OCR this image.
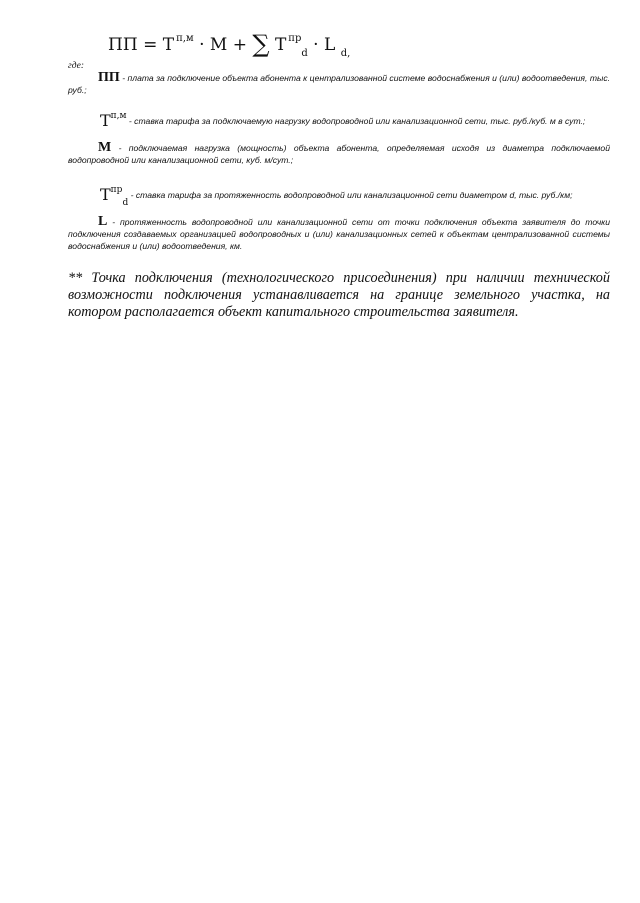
ПП = T $^{п,м}$ · M + ∑ T $^{пр}_d$ · L $_{d,}$
где:
ПП - плата за подключение объекта абонента к централизованной системе водоснабжения и (или) водоотведения, тыс. руб.;
$T^{п,м}$ - ставка тарифа за подключаемую нагрузку водопроводной или канализационной сети, тыс. руб./куб. м в сут.;
M - подключаемая нагрузка (мощность) объекта абонента, определяемая исходя из диаметра подключаемой водопроводной или канализационной сети, куб. м/сут.;
$T^{пр}_d$ - ставка тарифа за протяженность водопроводной или канализационной сети диаметром d, тыс. руб./км;
L - протяженность водопроводной или канализационной сети от точки подключения объекта заявителя до точки подключения создаваемых организацией водопроводных и (или) канализационных сетей к объектам централизованной системы водоснабжения и (или) водоотведения, км.
** Точка подключения (технологического присоединения) при наличии технической возможности подключения устанавливается на границе земельного участка, на котором располагается объект капитального строительства заявителя.
